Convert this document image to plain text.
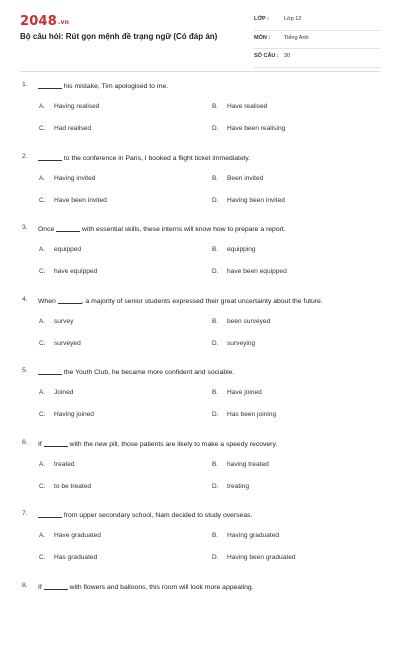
2048.vn
Bộ câu hỏi: Rút gọn mệnh đề trạng ngữ (Có đáp án)
LỚP :	Lớp 12
MÔN :	Tiếng Anh
SỐ CÂU : 30
1.	his mistake, Tim apologised to me.
A. Having realised	B. Have realised
C. Had realised	D. Have been realising
2.	to the conference in Paris, I booked a flight ticket immediately.
A. Having invited	B. Been invited
C. Have been invited	D. Having been invited
3. Once	with essential skills, these interns will know how to prepare a report.
A. equipped	B. equipping
C. have equipped	D. have been equipped
4. When	, a majority of senior students expressed their great uncertainty about the future.
A. survey	B. been surveyed
C. surveyed	D. surveying
5.	the Youth Club, he became more confident and sociable.
A. Joined	B. Have joined
C. Having joined	D. Has been joining
6. If	with the new pill, those patients are likely to make a speedy recovery.
A. treated	B. having treated
C. to be treated	D. treating
7.	from upper secondary school, Nam decided to study overseas.
A. Have graduated	B. Having graduated
C. Has graduated	D. Having been graduated
8. If	with flowers and balloons, this room will look more appealing.
